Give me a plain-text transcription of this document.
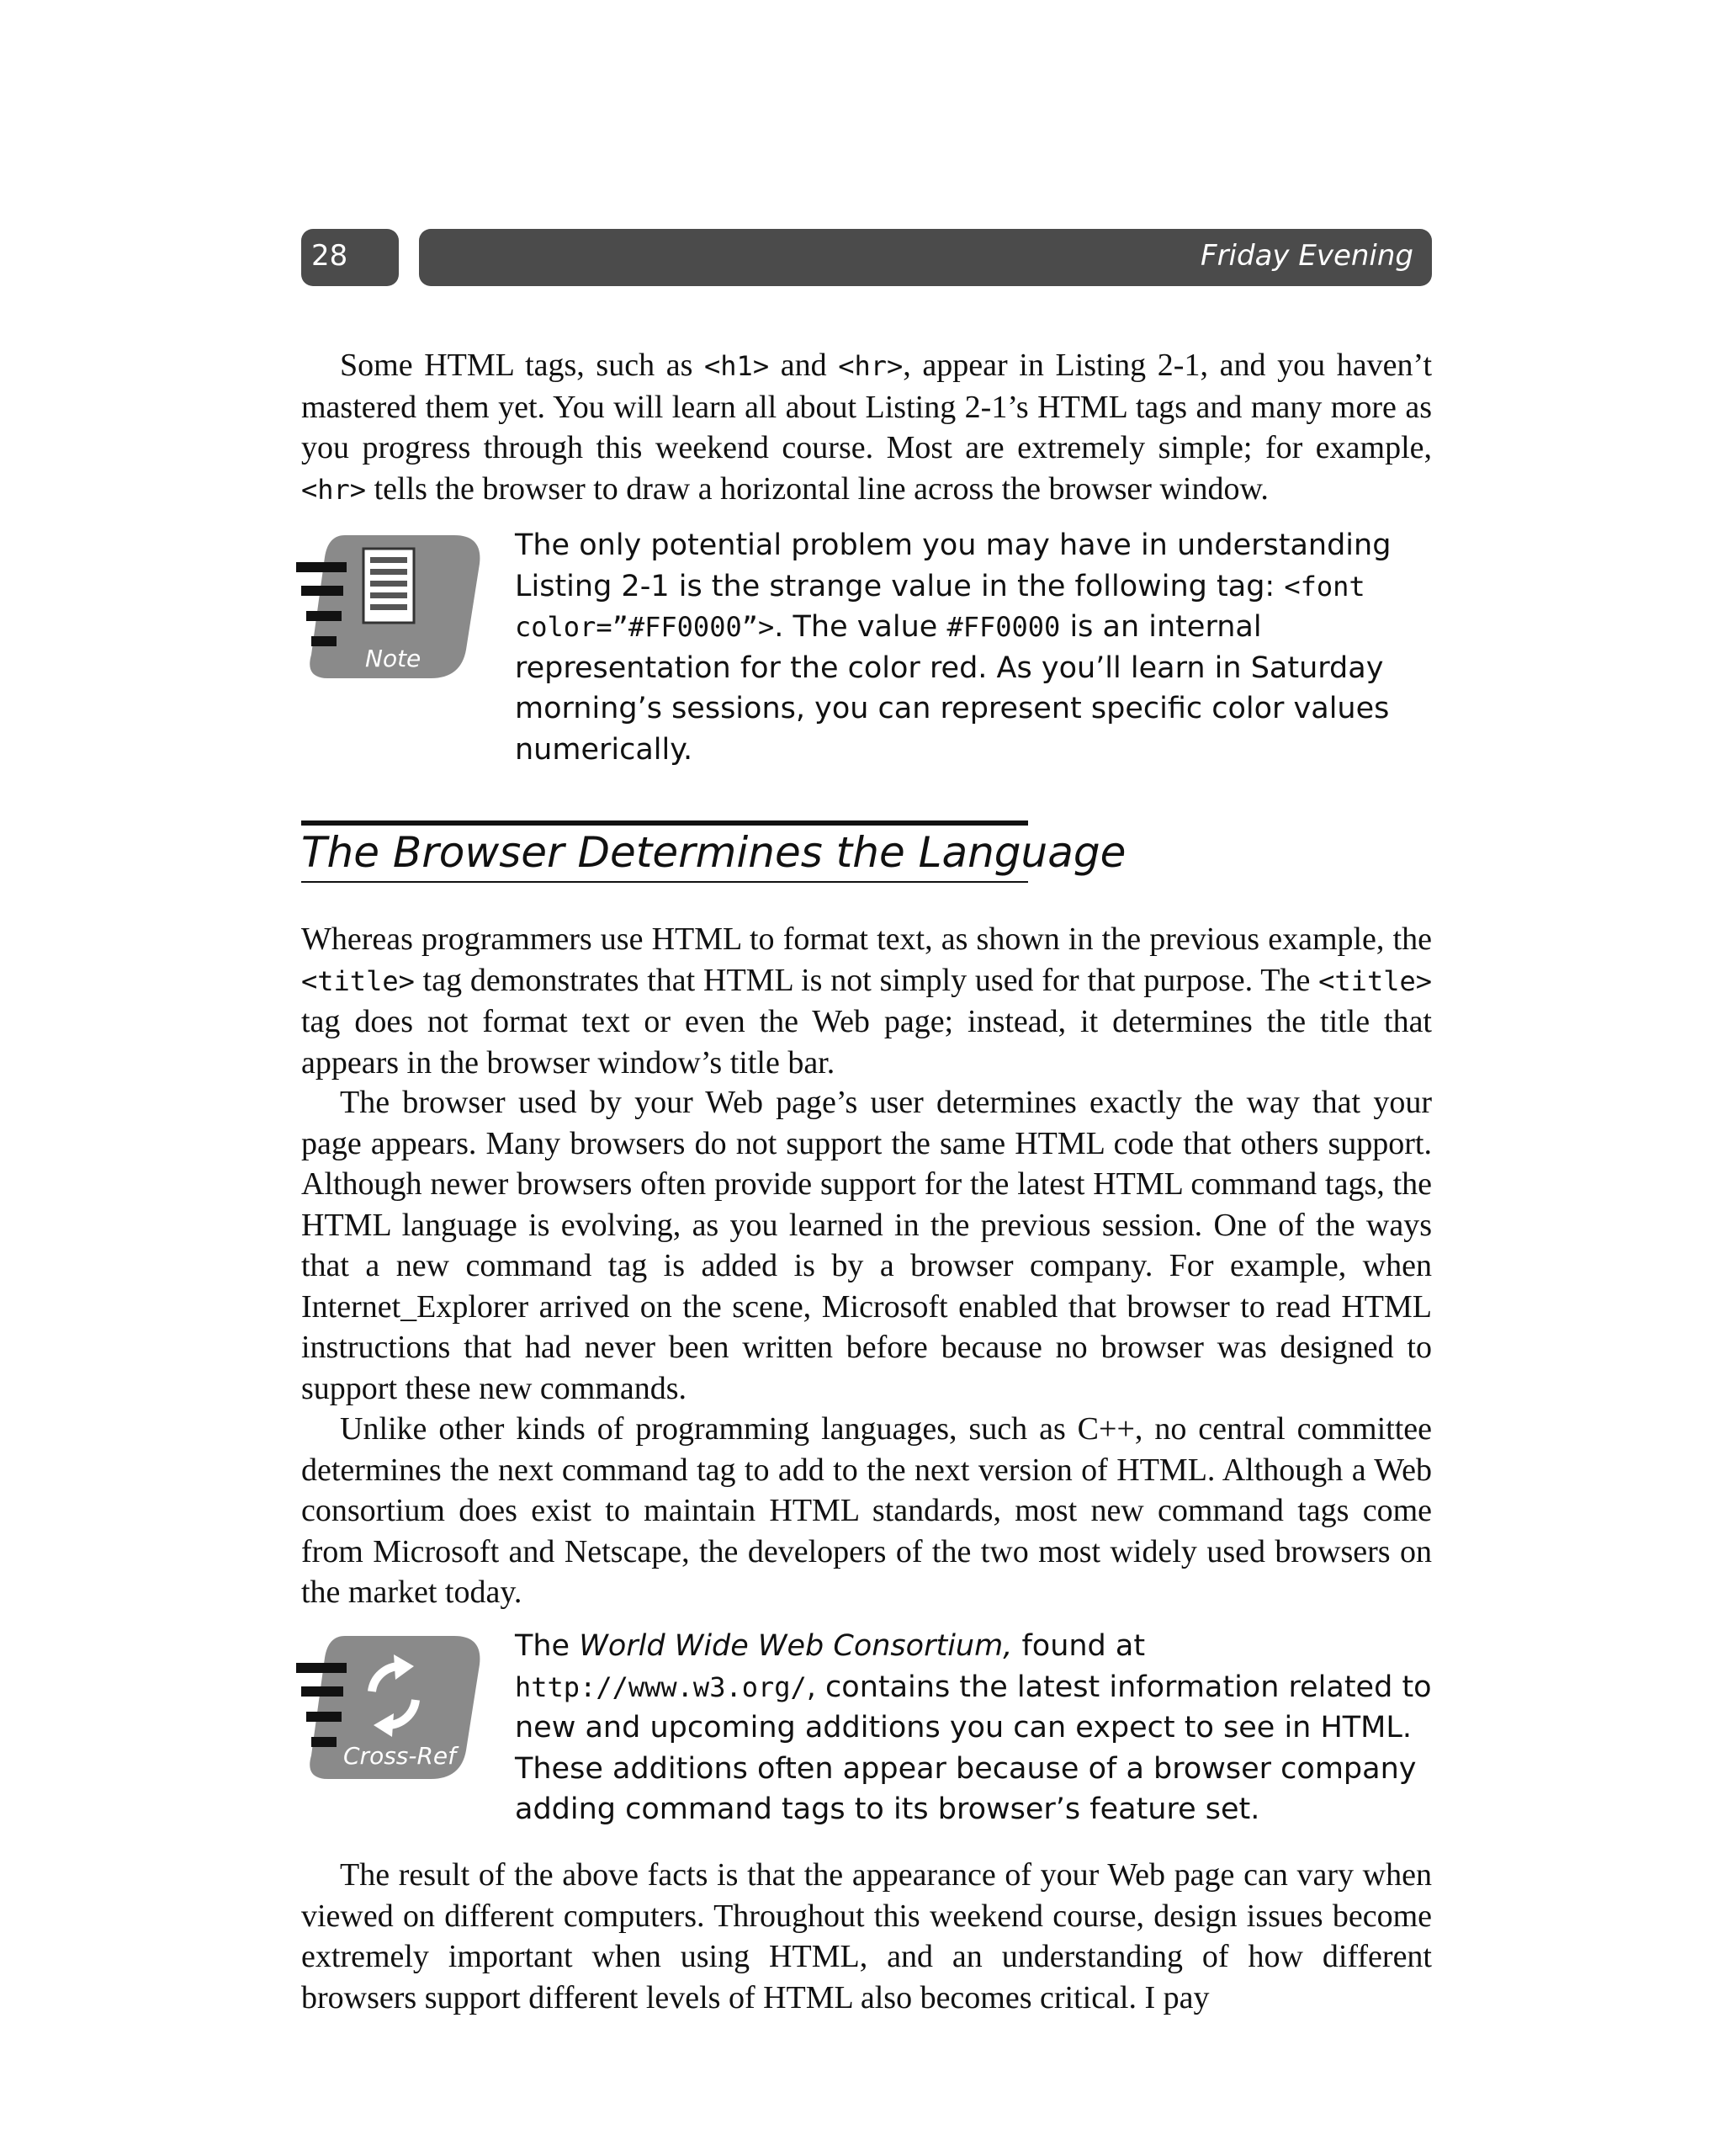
28	Friday Evening

Some HTML tags, such as <h1> and <hr>, appear in Listing 2-1, and you haven’t mastered them yet. You will learn all about Listing 2-1’s HTML tags and many more as you progress through this weekend course. Most are extremely simple; for example, <hr> tells the browser to draw a horizontal line across the browser window.

Note

The only potential problem you may have in understanding Listing 2-1 is the strange value in the following tag: <font color=”#FF0000”>. The value #FF0000 is an internal representation for the color red. As you’ll learn in Saturday morning’s sessions, you can represent specific color values numerically.

The Browser Determines the Language

Whereas programmers use HTML to format text, as shown in the previous example, the <title> tag demonstrates that HTML is not simply used for that purpose. The <title> tag does not format text or even the Web page; instead, it determines the title that appears in the browser window’s title bar.

The browser used by your Web page’s user determines exactly the way that your page appears. Many browsers do not support the same HTML code that others support. Although newer browsers often provide support for the latest HTML command tags, the HTML language is evolving, as you learned in the previous session. One of the ways that a new command tag is added is by a browser company. For example, when Internet_Explorer arrived on the scene, Microsoft enabled that browser to read HTML instructions that had never been written before because no browser was designed to support these new commands.

Unlike other kinds of programming languages, such as C++, no central committee determines the next command tag to add to the next version of HTML. Although a Web consortium does exist to maintain HTML standards, most new command tags come from Microsoft and Netscape, the developers of the two most widely used browsers on the market today.

Cross-Ref

The World Wide Web Consortium, found at http://www.w3.org/, contains the latest information related to new and upcoming additions you can expect to see in HTML. These additions often appear because of a browser company adding command tags to its browser’s feature set.

The result of the above facts is that the appearance of your Web page can vary when viewed on different computers. Throughout this weekend course, design issues become extremely important when using HTML, and an understanding of how different browsers support different levels of HTML also becomes critical. I pay
